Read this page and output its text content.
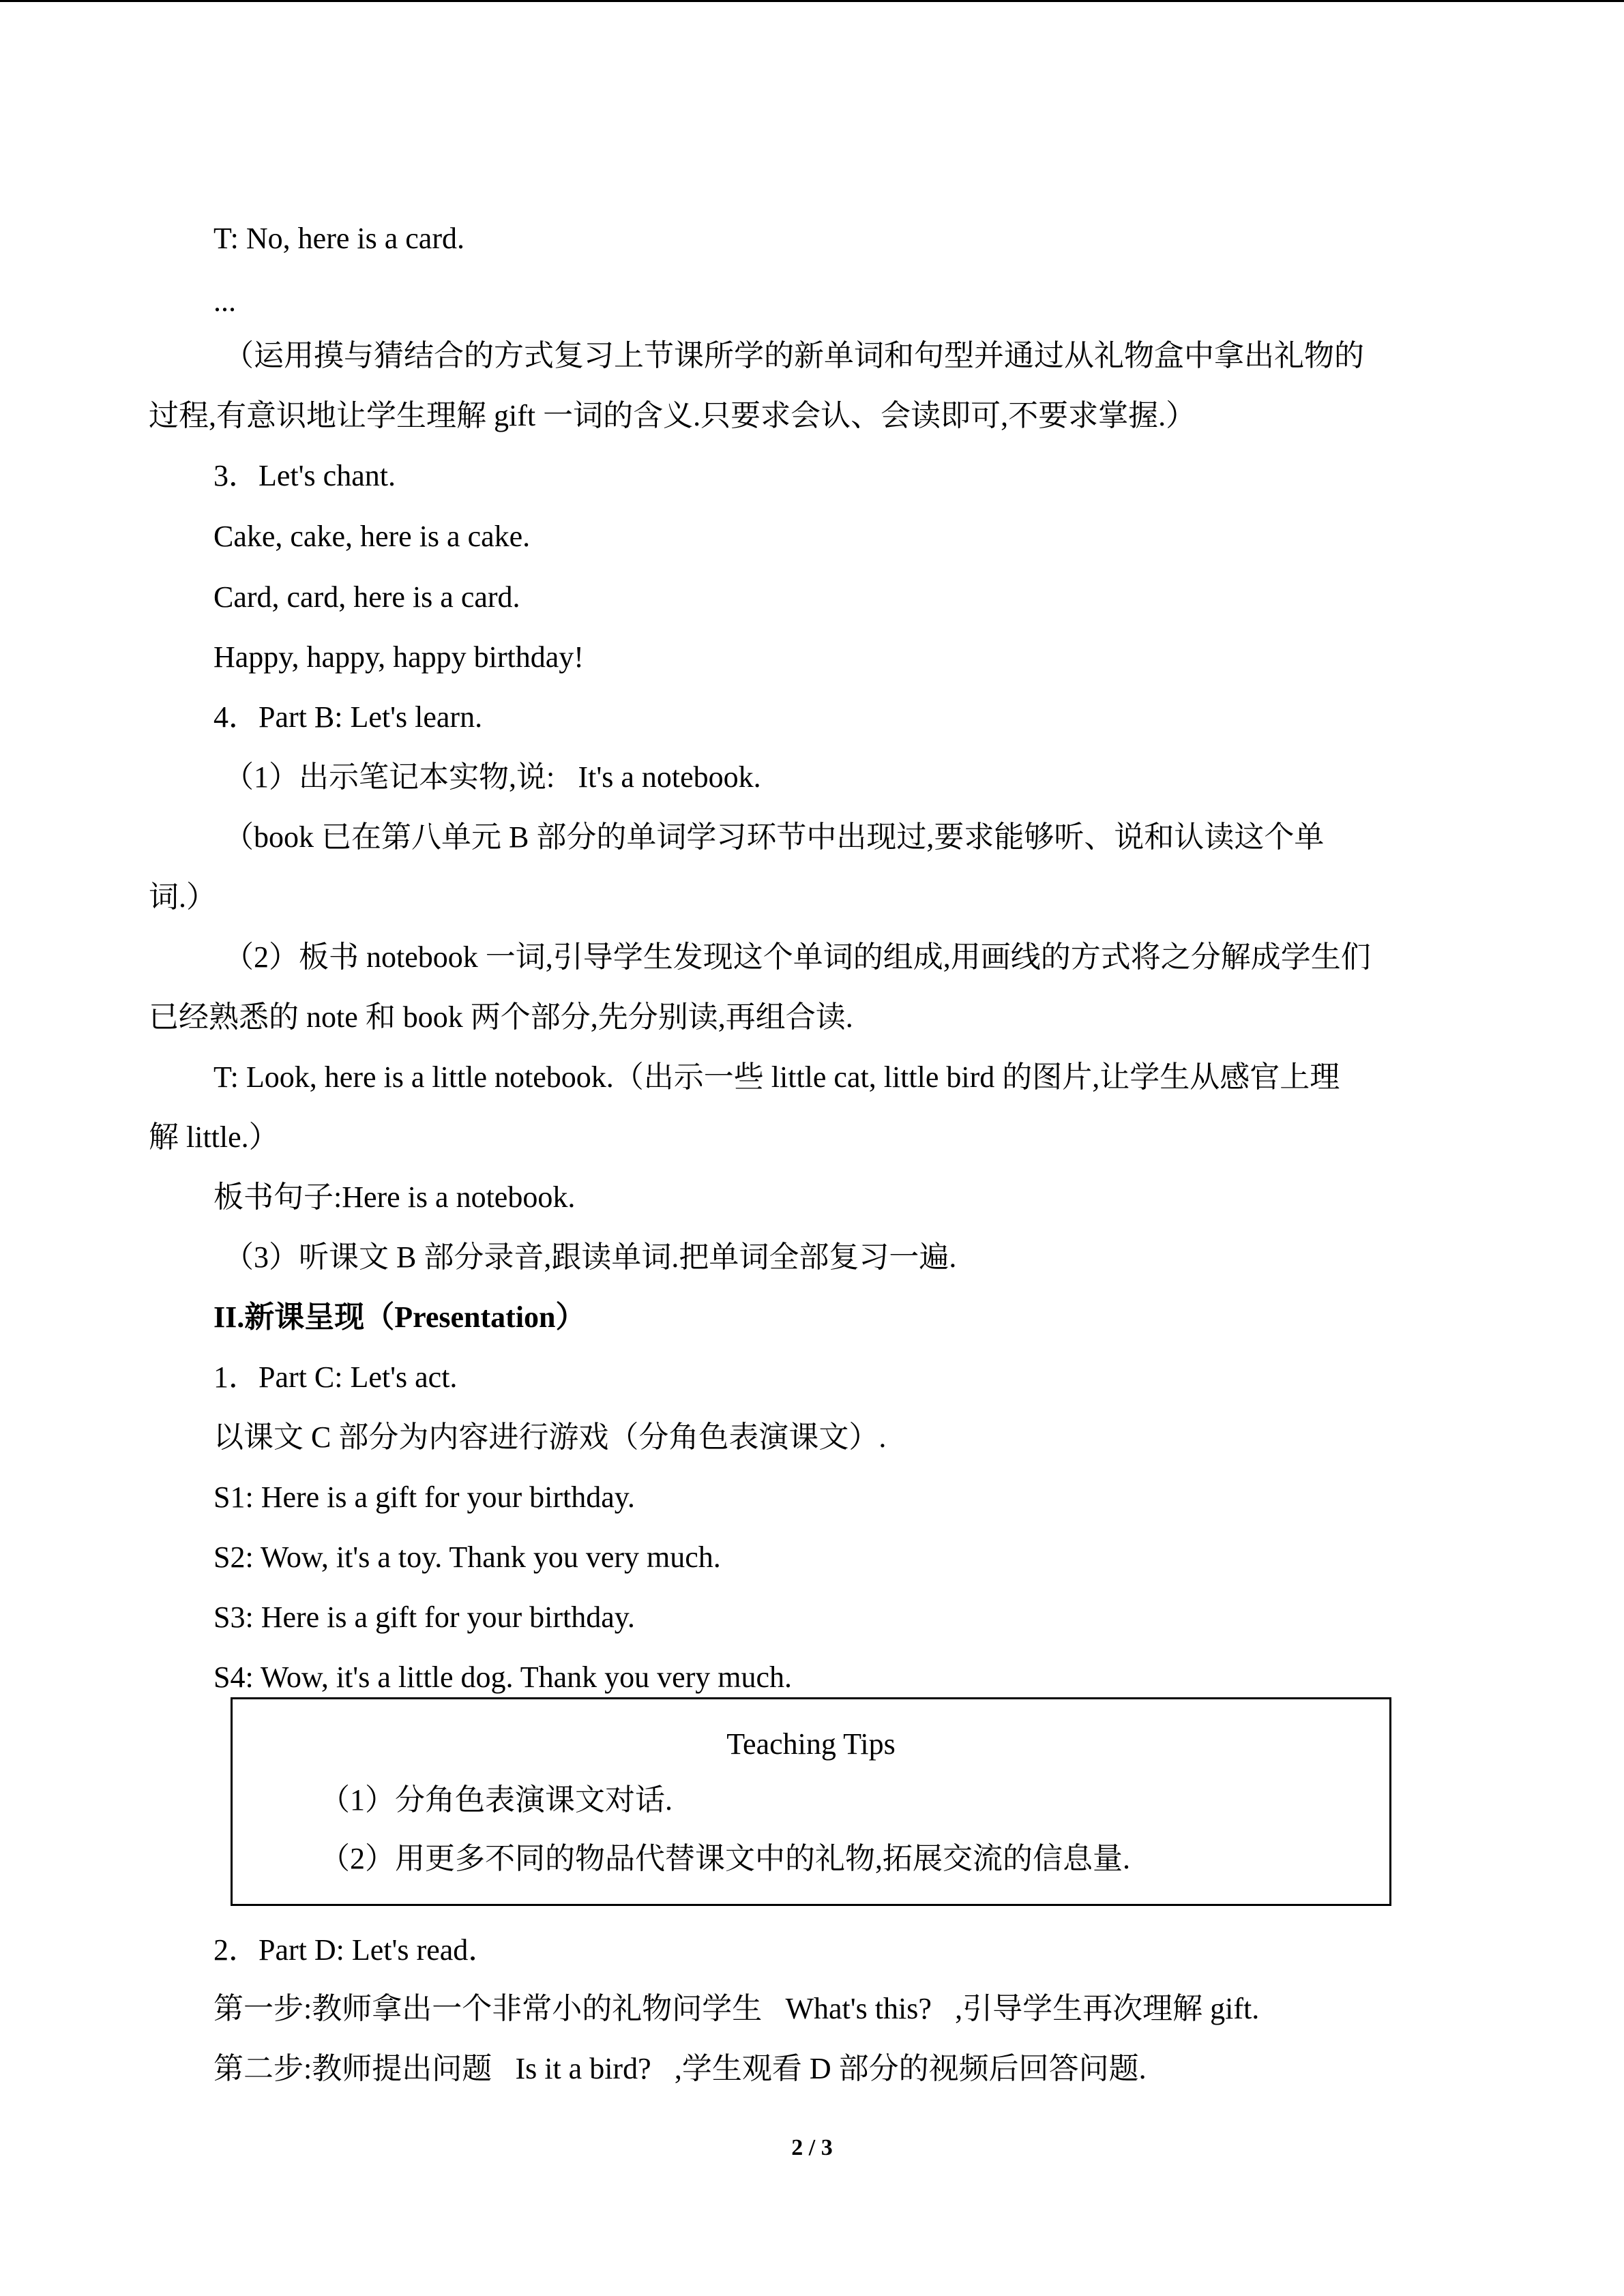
T: No, here is a card.
...
（运用摸与猜结合的方式复习上节课所学的新单词和句型并通过从礼物盒中拿出礼物的
过程,有意识地让学生理解 gift 一词的含义.只要求会认、会读即可,不要求掌握.）
3．Let's chant.
Cake, cake, here is a cake.
Card, card, here is a card.
Happy, happy, happy birthday!
4．Part B: Let's learn.
（1）出示笔记本实物,说: It's a notebook. 
（book 已在第八单元 B 部分的单词学习环节中出现过,要求能够听、说和认读这个单
词.）
（2）板书 notebook 一词,引导学生发现这个单词的组成,用画线的方式将之分解成学生们
已经熟悉的 note 和 book 两个部分,先分别读,再组合读.
T: Look, here is a little notebook.（出示一些 little cat, little bird 的图片,让学生从感官上理
解 little.）
板书句子:Here is a notebook.
（3）听课文 B 部分录音,跟读单词.把单词全部复习一遍.
II.新课呈现（Presentation）
1．Part C: Let's act.
以课文 C 部分为内容进行游戏（分角色表演课文）.
S1: Here is a gift for your birthday.
S2: Wow, it's a toy. Thank you very much.
S3: Here is a gift for your birthday.
S4: Wow, it's a little dog. Thank you very much.
Teaching Tips
（1）分角色表演课文对话.
（2）用更多不同的物品代替课文中的礼物,拓展交流的信息量.
2．Part D: Let's read．
第一步:教师拿出一个非常小的礼物问学生 What's this? ,引导学生再次理解 gift.
第二步:教师提出问题 Is it a bird? ,学生观看 D 部分的视频后回答问题.
2 / 3
